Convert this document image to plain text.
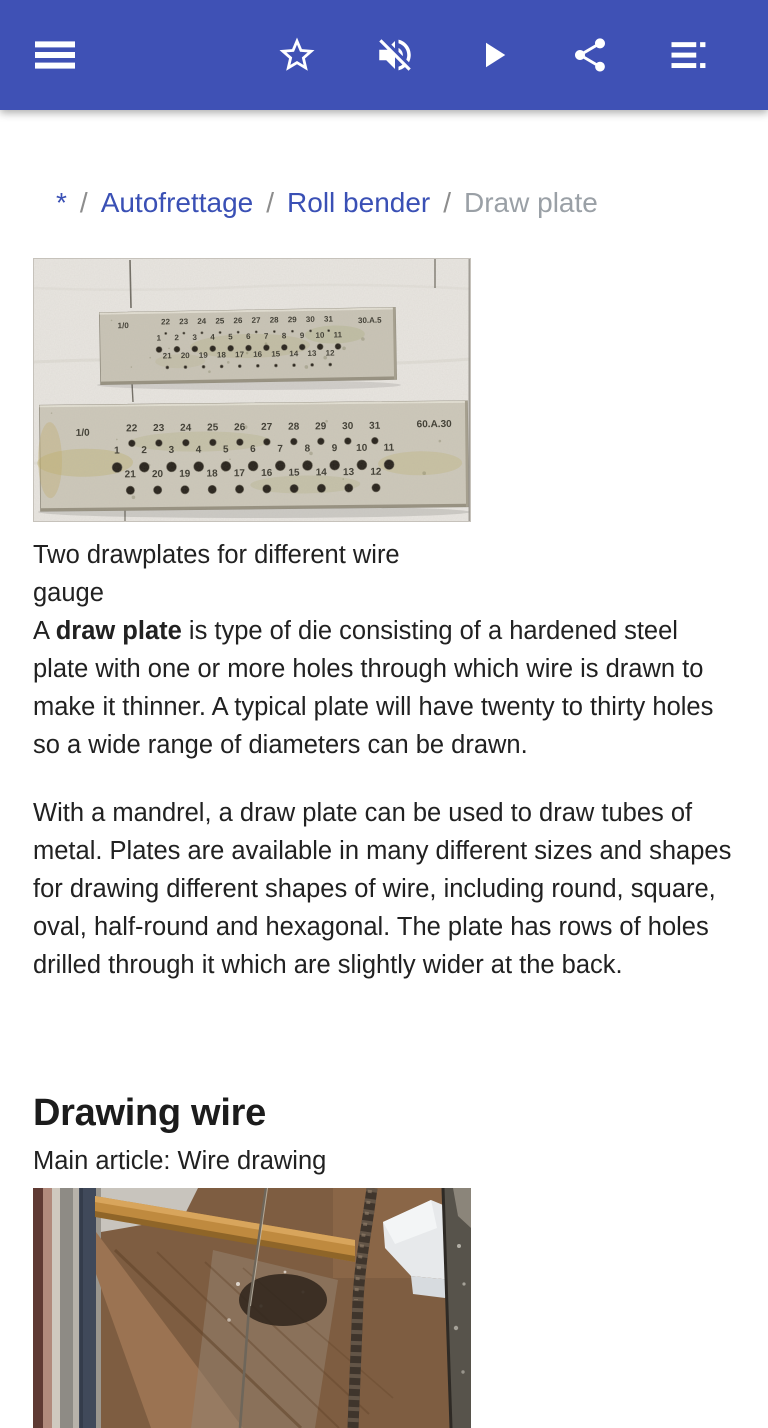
* / Autofrettage / Roll bender / Draw plate
Two drawplates for different wire gauge

A draw plate is type of die consisting of a hardened steel plate with one or more holes through which wire is drawn to make it thinner. A typical plate will have twenty to thirty holes so a wide range of diameters can be drawn.

With a mandrel, a draw plate can be used to draw tubes of metal. Plates are available in many different sizes and shapes for drawing different shapes of wire, including round, square, oval, half-round and hexagonal. The plate has rows of holes drilled through it which are slightly wider at the back.

Drawing wire
Main article: Wire drawing
